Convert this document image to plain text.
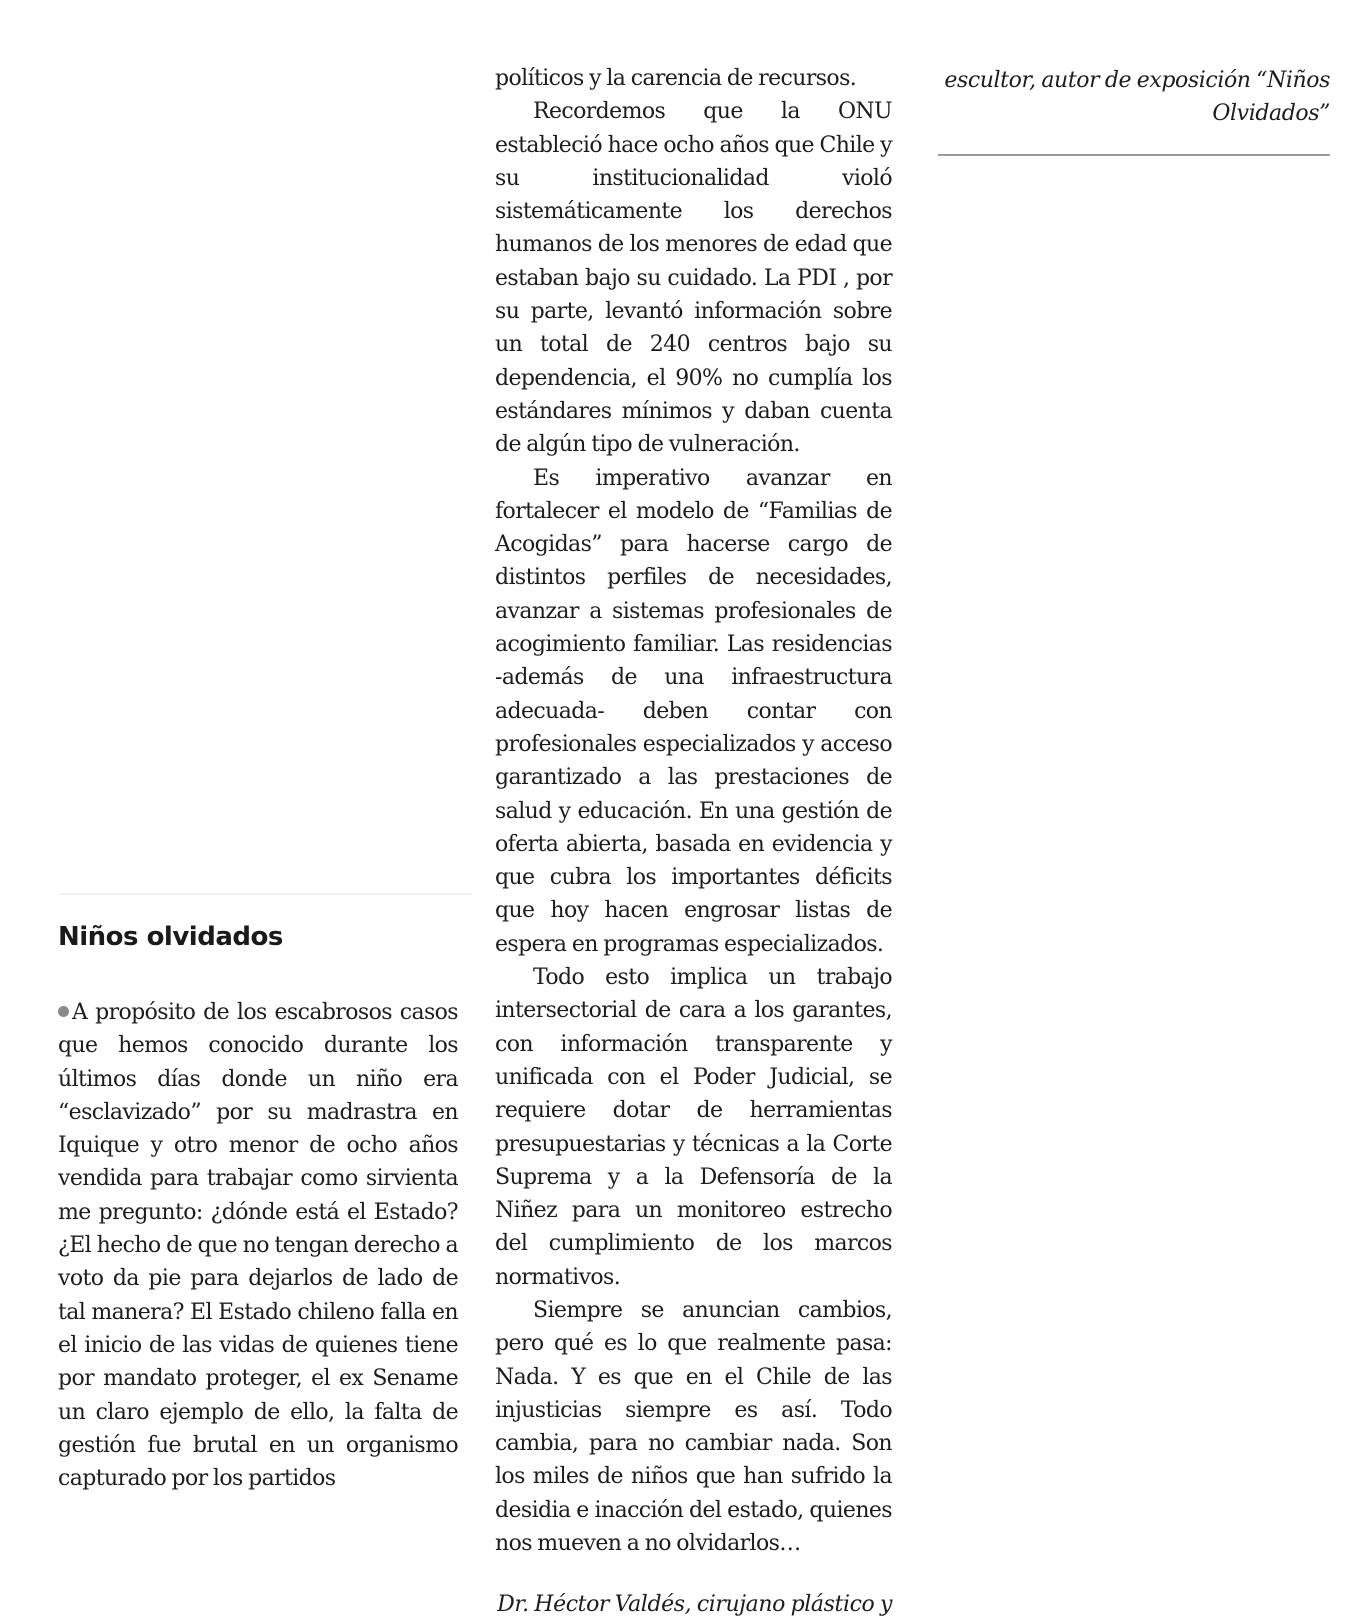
Niños olvidados

A propósito de los escabrosos casos que hemos conocido durante los últimos días donde un niño era “esclavizado” por su madrastra en Iquique y otro menor de ocho años vendida para trabajar como sirvienta me pregunto: ¿dónde está el Estado? ¿El hecho de que no tengan derecho a voto da pie para dejarlos de lado de tal manera? El Estado chileno falla en el inicio de las vidas de quienes tiene por mandato proteger, el ex Sename un claro ejemplo de ello, la falta de gestión fue brutal en un organismo capturado por los partidos

políticos y la carencia de recursos.

Recordemos que la ONU estableció hace ocho años que Chile y su institucionalidad violó sistemáticamente los derechos humanos de los menores de edad que estaban bajo su cuidado. La PDI , por su parte, levantó información sobre un total de 240 centros bajo su dependencia, el 90% no cumplía los estándares mínimos y daban cuenta de algún tipo de vulneración.

Es imperativo avanzar en fortalecer el modelo de “Familias de Acogidas” para hacerse cargo de distintos perfiles de necesidades, avanzar a sistemas profesionales de acogimiento familiar. Las residencias -además de una infraestructura adecuada- deben contar con profesionales especializados y acceso garantizado a las prestaciones de salud y educación. En una gestión de oferta abierta, basada en evidencia y que cubra los importantes déficits que hoy hacen engrosar listas de espera en programas especializados.

Todo esto implica un trabajo intersectorial de cara a los garantes, con información transparente y unificada con el Poder Judicial, se requiere dotar de herramientas presupuestarias y técnicas a la Corte Suprema y a la Defensoría de la Niñez para un monitoreo estrecho del cumplimiento de los marcos normativos.

Siempre se anuncian cambios, pero qué es lo que realmente pasa: Nada. Y es que en el Chile de las injusticias siempre es así. Todo cambia, para no cambiar nada. Son los miles de niños que han sufrido la desidia e inacción del estado, quienes nos mueven a no olvidarlos…

Dr. Héctor Valdés, cirujano plástico y

escultor, autor de exposición “Niños Olvidados”
